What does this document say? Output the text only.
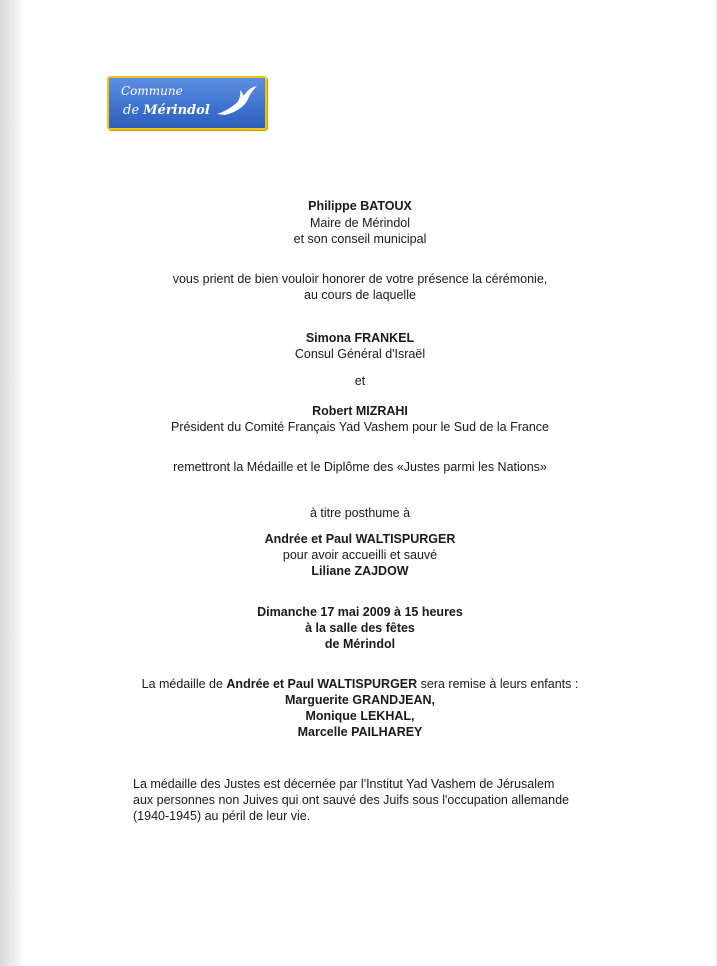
Commune
de Mérindol
Philippe BATOUX
Maire de Mérindol
et son conseil municipal
vous prient de bien vouloir honorer de votre présence la cérémonie,
au cours de laquelle
Simona FRANKEL
Consul Général d'Israël
et
Robert MIZRAHI
Président du Comité Français Yad Vashem pour le Sud de la France
remettront la Médaille et le Diplôme des «Justes parmi les Nations»
à titre posthume à
Andrée et Paul WALTISPURGER
pour avoir accueilli et sauvé
Liliane ZAJDOW
Dimanche 17 mai 2009 à 15 heures
à la salle des fêtes
de Mérindol
La médaille de Andrée et Paul WALTISPURGER sera remise à leurs enfants :
Marguerite GRANDJEAN,
Monique LEKHAL,
Marcelle PAILHAREY
La médaille des Justes est décernée par l'Institut Yad Vashem de Jérusalem
aux personnes non Juives qui ont sauvé des Juifs sous l'occupation allemande
(1940-1945) au péril de leur vie.
